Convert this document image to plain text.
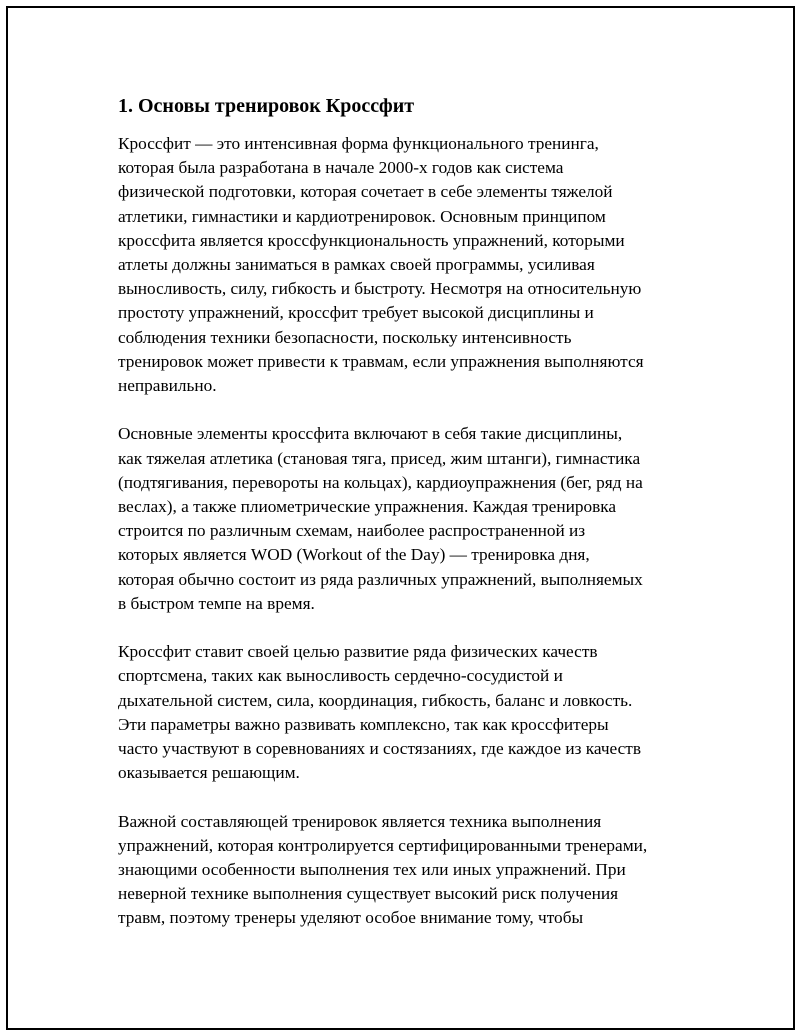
1. Основы тренировок Кроссфит

Кроссфит — это интенсивная форма функционального тренинга,
которая была разработана в начале 2000-х годов как система
физической подготовки, которая сочетает в себе элементы тяжелой
атлетики, гимнастики и кардиотренировок. Основным принципом
кроссфита является кроссфункциональность упражнений, которыми
атлеты должны заниматься в рамках своей программы, усиливая
выносливость, силу, гибкость и быстроту. Несмотря на относительную
простоту упражнений, кроссфит требует высокой дисциплины и
соблюдения техники безопасности, поскольку интенсивность
тренировок может привести к травмам, если упражнения выполняются
неправильно.

Основные элементы кроссфита включают в себя такие дисциплины,
как тяжелая атлетика (становая тяга, присед, жим штанги), гимнастика
(подтягивания, перевороты на кольцах), кардиоупражнения (бег, ряд на
веслах), а также плиометрические упражнения. Каждая тренировка
строится по различным схемам, наиболее распространенной из
которых является WOD (Workout of the Day) — тренировка дня,
которая обычно состоит из ряда различных упражнений, выполняемых
в быстром темпе на время.

Кроссфит ставит своей целью развитие ряда физических качеств
спортсмена, таких как выносливость сердечно-сосудистой и
дыхательной систем, сила, координация, гибкость, баланс и ловкость.
Эти параметры важно развивать комплексно, так как кроссфитеры
часто участвуют в соревнованиях и состязаниях, где каждое из качеств
оказывается решающим.

Важной составляющей тренировок является техника выполнения
упражнений, которая контролируется сертифицированными тренерами,
знающими особенности выполнения тех или иных упражнений. При
неверной технике выполнения существует высокий риск получения
травм, поэтому тренеры уделяют особое внимание тому, чтобы
